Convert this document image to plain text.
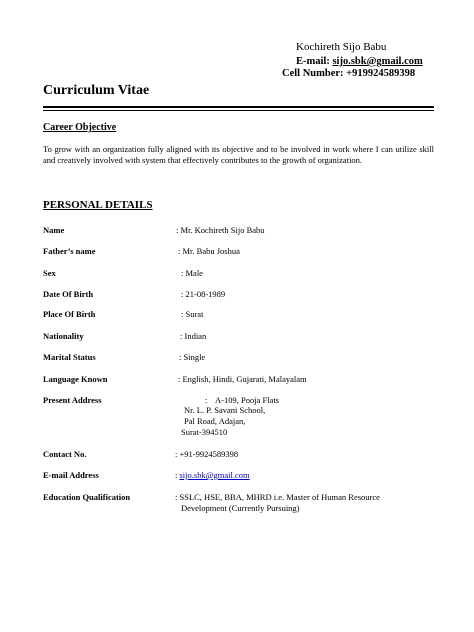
Kochireth Sijo Babu
E-mail: sijo.sbk@gmail.com
Cell Number: +919924589398
Curriculum Vitae
Career Objective
To grow with an organization fully aligned with its objective and to be involved in work where I can utilize skill and creatively involved with system that effectively contributes to the growth of organization.
PERSONAL DETAILS
Name	: Mr. Kochireth Sijo Babu
Father’s name	: Mr. Babu Joshua
Sex	: Male
Date Of Birth	: 21-08-1989
Place Of Birth	: Surat
Nationality	: Indian
Marital Status	: Single
Language Known	: English, Hindi, Gujarati, Malayalam
Present Address	: A-109, Pooja Flats
Nr. L. P. Savani School,
Pal Road, Adajan,
Surat-394510
Contact No.	: +91-9924589398
E-mail Address	: sijo.sbk@gmail.com
Education Qualification	: SSLC, HSE, BBA, MHRD i.e. Master of Human Resource
Development (Currently Pursuing)
